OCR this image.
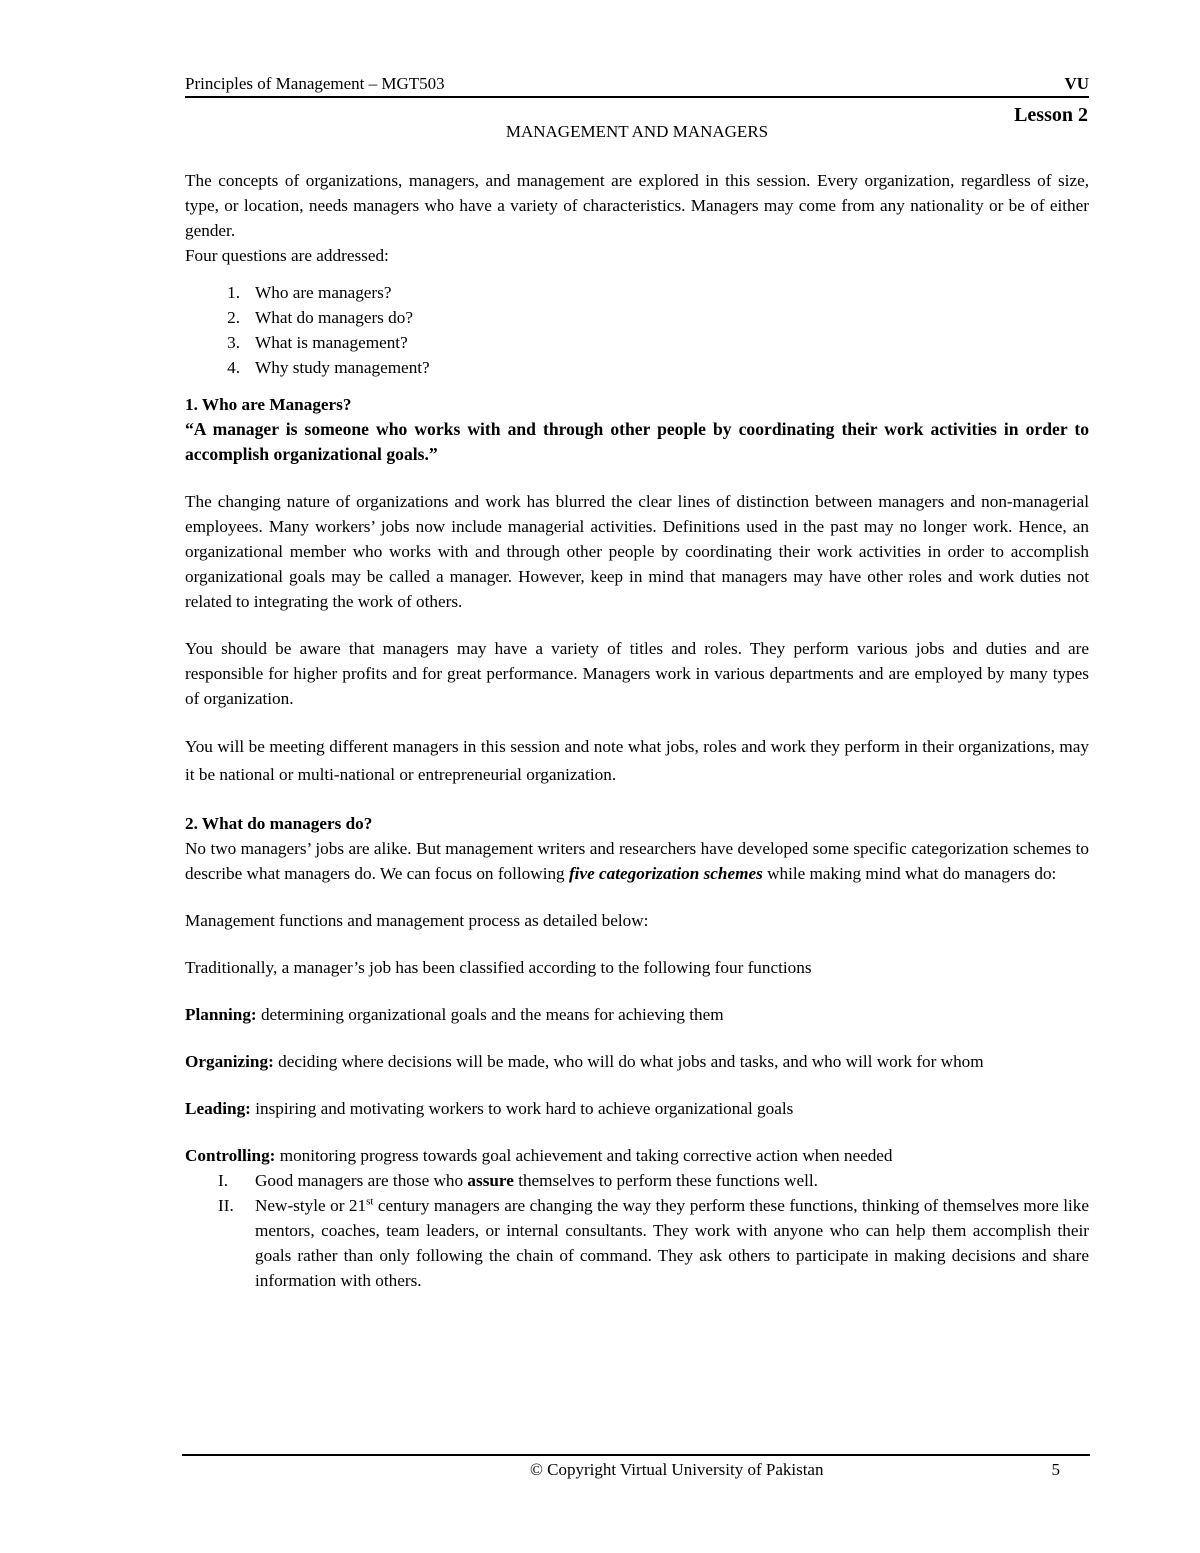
Principles of Management – MGT503	VU
Lesson 2
MANAGEMENT AND MANAGERS

The concepts of organizations, managers, and management are explored in this session. Every organization, regardless of size, type, or location, needs managers who have a variety of characteristics. Managers may come from any nationality or be of either gender.

Four questions are addressed:

1. Who are managers?
2. What do managers do?
3. What is management?
4. Why study management?

1. Who are Managers?

“A manager is someone who works with and through other people by coordinating their work activities in order to accomplish organizational goals.”

The changing nature of organizations and work has blurred the clear lines of distinction between managers and non-managerial employees. Many workers’ jobs now include managerial activities. Definitions used in the past may no longer work. Hence, an organizational member who works with and through other people by coordinating their work activities in order to accomplish organizational goals may be called a manager. However, keep in mind that managers may have other roles and work duties not related to integrating the work of others.

You should be aware that managers may have a variety of titles and roles. They perform various jobs and duties and are responsible for higher profits and for great performance. Managers work in various departments and are employed by many types of organization.

You will be meeting different managers in this session and note what jobs, roles and work they perform in their organizations, may it be national or multi-national or entrepreneurial organization.

2. What do managers do?

No two managers’ jobs are alike. But management writers and researchers have developed some specific categorization schemes to describe what managers do. We can focus on following five categorization schemes while making mind what do managers do:

Management functions and management process as detailed below:

Traditionally, a manager’s job has been classified according to the following four functions

Planning: determining organizational goals and the means for achieving them

Organizing: deciding where decisions will be made, who will do what jobs and tasks, and who will work for whom

Leading: inspiring and motivating workers to work hard to achieve organizational goals

Controlling: monitoring progress towards goal achievement and taking corrective action when needed

I.	Good managers are those who assure themselves to perform these functions well.
II.	New-style or 21st century managers are changing the way they perform these functions, thinking of themselves more like mentors, coaches, team leaders, or internal consultants. They work with anyone who can help them accomplish their goals rather than only following the chain of command. They ask others to participate in making decisions and share information with others.
© Copyright Virtual University of Pakistan	5
